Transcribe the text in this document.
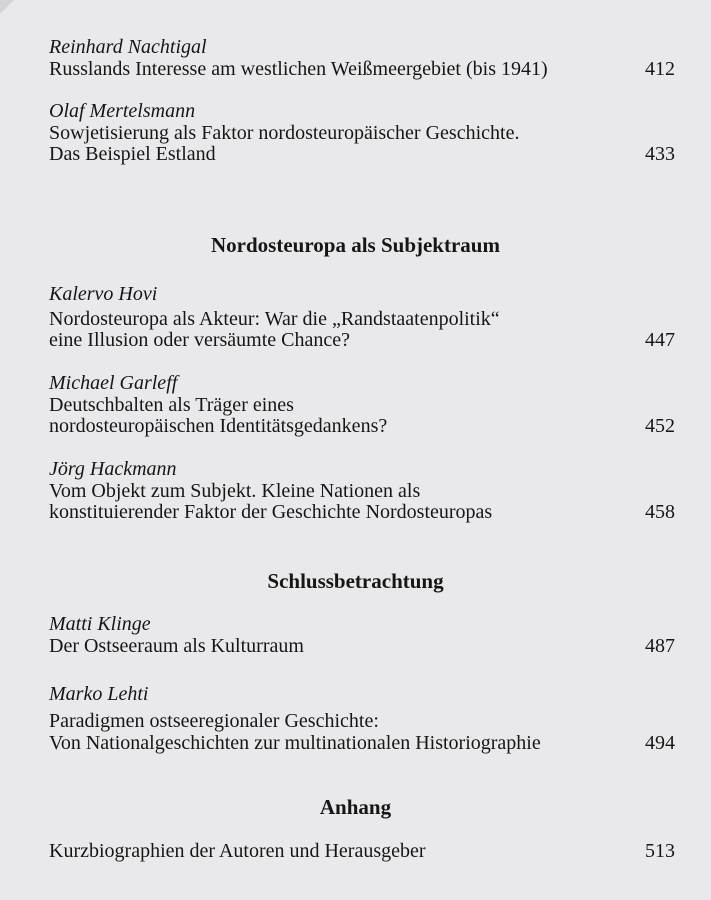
Reinhard Nachtigal
Russlands Interesse am westlichen Weißmeergebiet (bis 1941)	412
Olaf Mertelsmann
Sowjetisierung als Faktor nordosteuropäischer Geschichte.
Das Beispiel Estland	433
Nordosteuropa als Subjektraum
Kalervo Hovi
Nordosteuropa als Akteur: War die „Randstaatenpolitik“
eine Illusion oder versäumte Chance?	447
Michael Garleff
Deutschbalten als Träger eines
nordosteuropäischen Identitätsgedankens?	452
Jörg Hackmann
Vom Objekt zum Subjekt. Kleine Nationen als
konstituierender Faktor der Geschichte Nordosteuropas	458
Schlussbetrachtung
Matti Klinge
Der Ostseeraum als Kulturraum	487
Marko Lehti
Paradigmen ostseeregionaler Geschichte:
Von Nationalgeschichten zur multinationalen Historiographie	494
Anhang
Kurzbiographien der Autoren und Herausgeber	513
